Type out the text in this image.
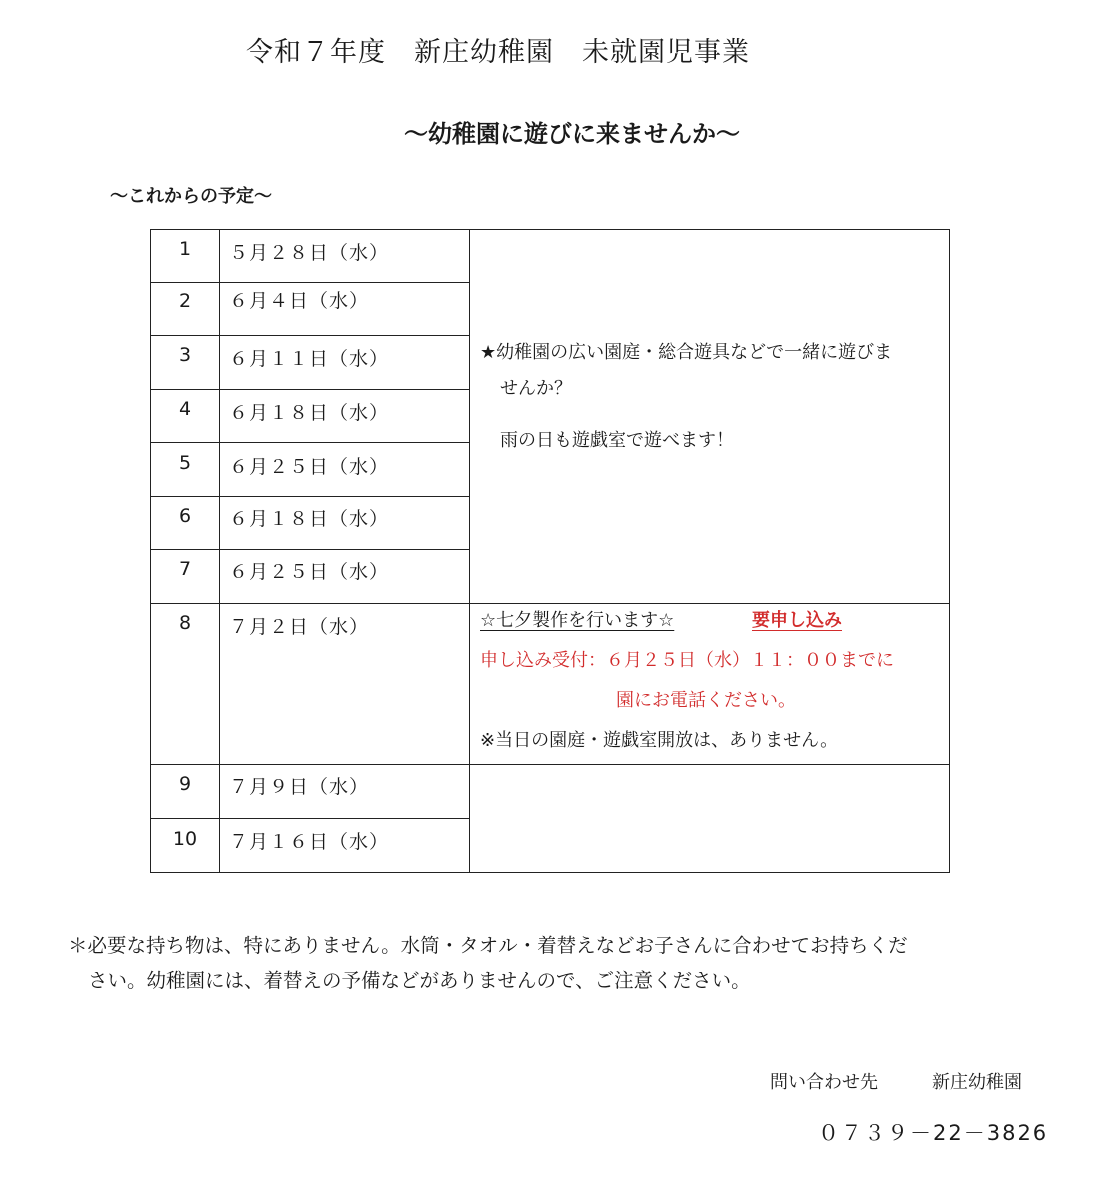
令和７年度　新庄幼稚園　未就園児事業
～幼稚園に遊びに来ませんか～
～これからの予定～
1	５月２８日（水）
2	６月４日（水）
3	６月１１日（水）
4	６月１８日（水）
5	６月２５日（水）
6	６月１８日（水）
7	６月２５日（水）
8	７月２日（水）
9	７月９日（水）
10	７月１６日（水）
★幼稚園の広い園庭・総合遊具などで一緒に遊びま
せんか？
雨の日も遊戯室で遊べます！
☆七夕製作を行います☆	要申し込み
申し込み受付：６月２５日（水）１１：００までに
園にお電話ください。
※当日の園庭・遊戯室開放は、ありません。
＊必要な持ち物は、特にありません。水筒・タオル・着替えなどお子さんに合わせてお持ちくだ
さい。幼稚園には、着替えの予備などがありませんので、ご注意ください。
問い合わせ先	新庄幼稚園
０７３９－22－3826
